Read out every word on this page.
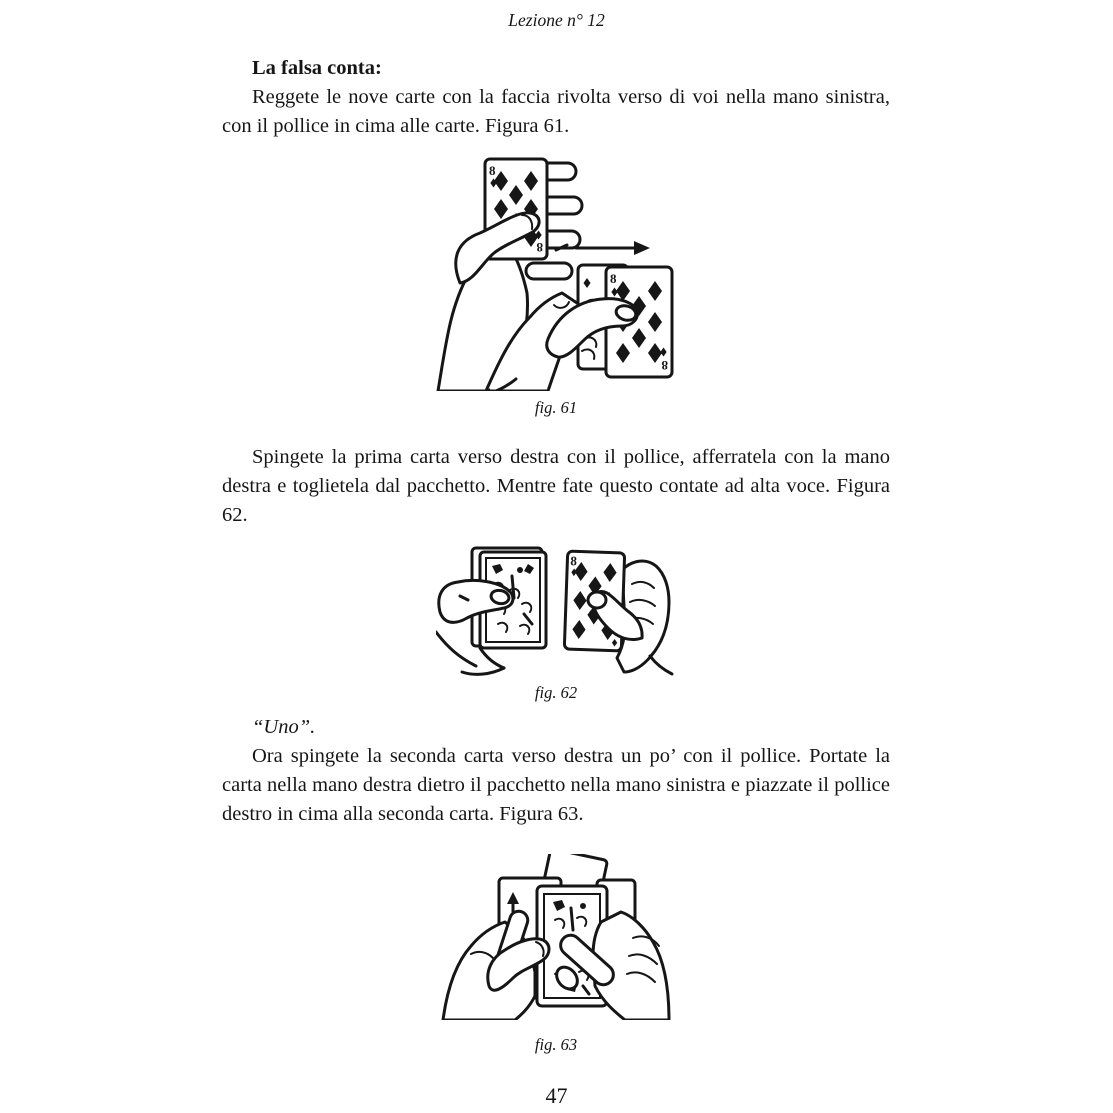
Lezione n° 12
La falsa conta:

Reggete le nove carte con la faccia rivolta verso di voi nella mano sinistra, con il pollice in cima alle carte. Figura 61.

8
8
8
8
fig. 61

Spingete la prima carta verso destra con il pollice, afferratela con la mano destra e toglietela dal pacchetto. Mentre fate questo contate ad alta voce. Figura 62.

8
fig. 62

“Uno”.

Ora spingete la seconda carta verso destra un po’ con il pollice. Portate la carta nella mano destra dietro il pacchetto nella mano sinistra e piazzate il pollice destro in cima alla seconda carta. Figura 63.

fig. 63
47
